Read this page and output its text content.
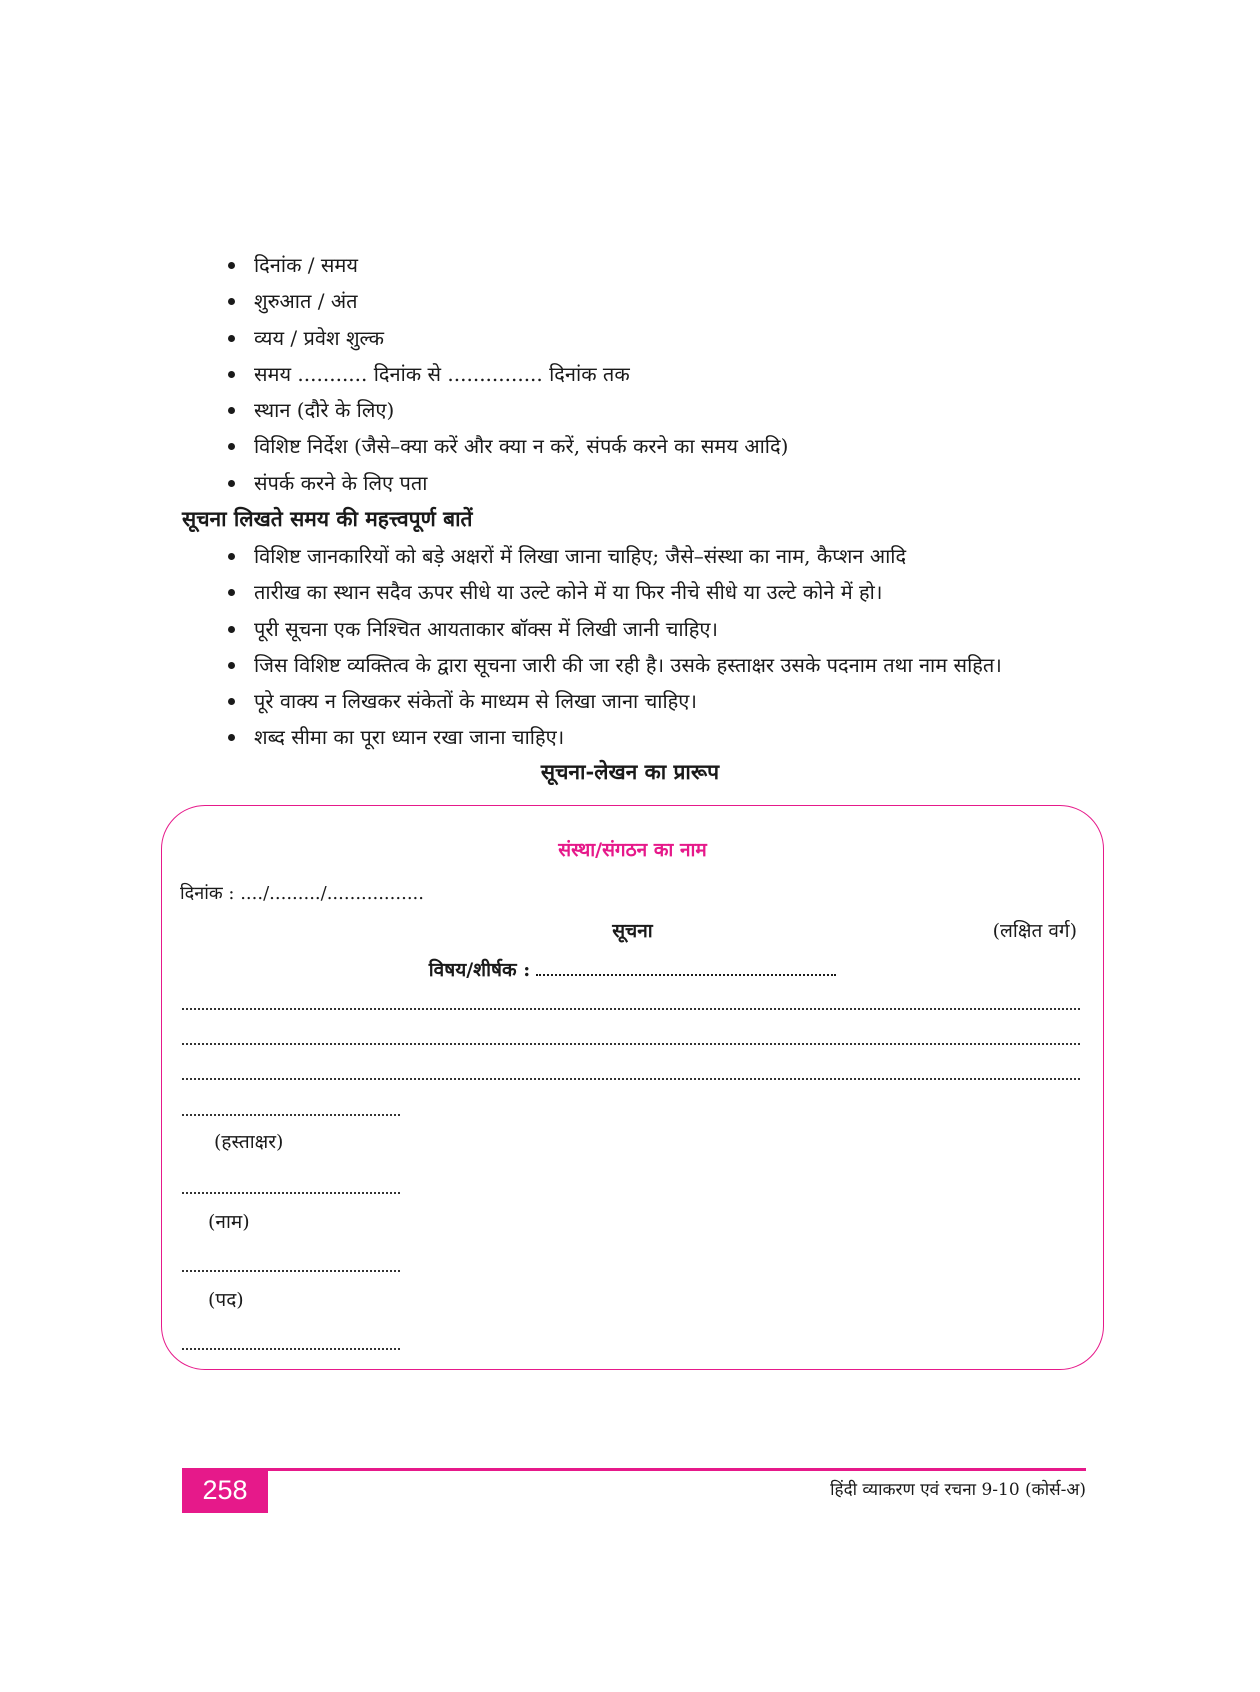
दिनांक / समय
शुरुआत / अंत
व्यय / प्रवेश शुल्क
समय ........... दिनांक से ............... दिनांक तक
स्थान (दौरे के लिए)
विशिष्ट निर्देश (जैसे–क्या करें और क्या न करें, संपर्क करने का समय आदि)
संपर्क करने के लिए पता
सूचना लिखते समय की महत्त्वपूर्ण बातें
विशिष्ट जानकारियों को बड़े अक्षरों में लिखा जाना चाहिए; जैसे–संस्था का नाम, कैप्शन आदि
तारीख का स्थान सदैव ऊपर सीधे या उल्टे कोने में या फिर नीचे सीधे या उल्टे कोने में हो।
पूरी सूचना एक निश्चित आयताकार बॉक्स में लिखी जानी चाहिए।
जिस विशिष्ट व्यक्तित्व के द्वारा सूचना जारी की जा रही है। उसके हस्ताक्षर उसके पदनाम तथा नाम सहित।
पूरे वाक्य न लिखकर संकेतों के माध्यम से लिखा जाना चाहिए।
शब्द सीमा का पूरा ध्यान रखा जाना चाहिए।
सूचना-लेखन का प्रारूप
संस्था/संगठन का नाम
दिनांक : ..../........./.................
सूचना	(लक्षित वर्ग)
विषय/शीर्षक :
(हस्ताक्षर)
(नाम)
(पद)
258	हिंदी व्याकरण एवं रचना 9-10 (कोर्स-अ)
